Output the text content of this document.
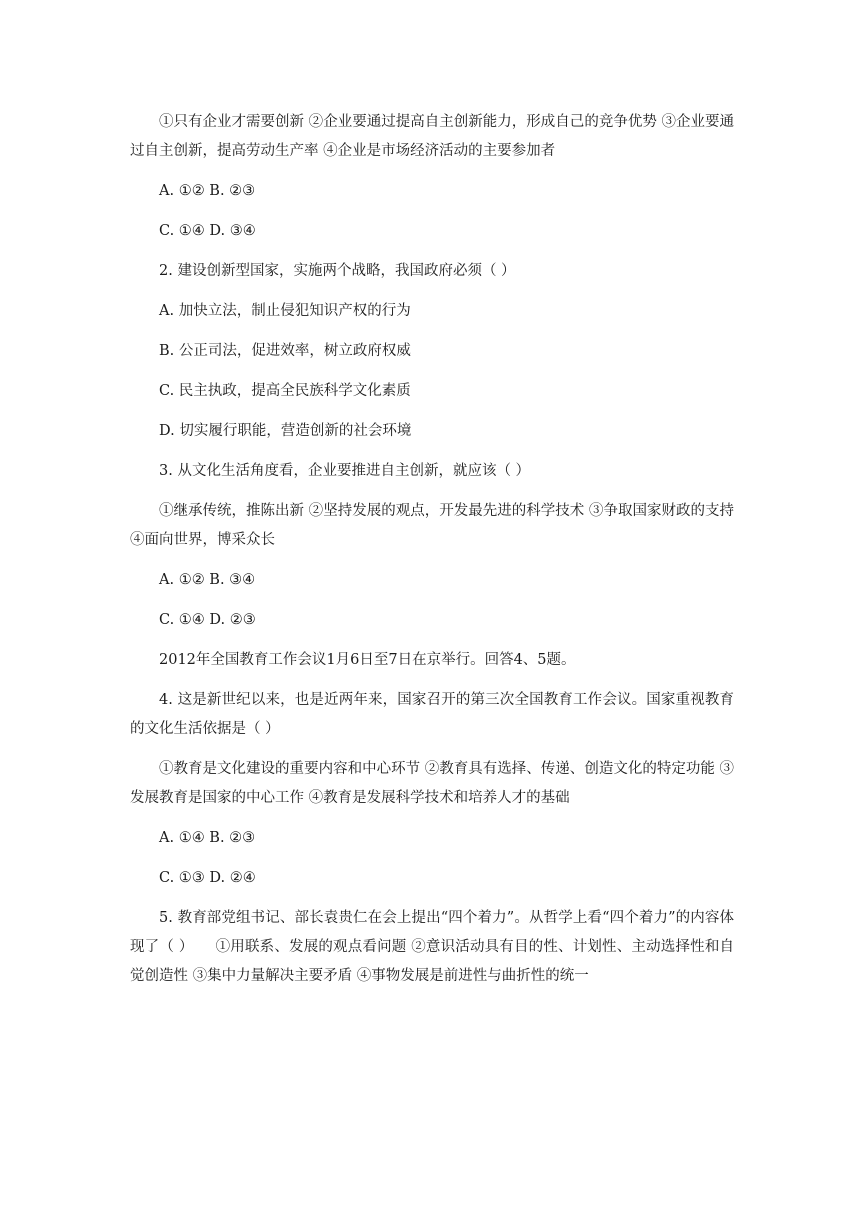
①只有企业才需要创新 ②企业要通过提高自主创新能力，形成自己的竞争优势 ③企业要通过自主创新，提高劳动生产率 ④企业是市场经济活动的主要参加者

A. ①② B. ②③

C. ①④ D. ③④

2. 建设创新型国家，实施两个战略，我国政府必须（ ）

A. 加快立法，制止侵犯知识产权的行为

B. 公正司法，促进效率，树立政府权威

C. 民主执政，提高全民族科学文化素质

D. 切实履行职能，营造创新的社会环境

3. 从文化生活角度看，企业要推进自主创新，就应该（ ）

①继承传统，推陈出新 ②坚持发展的观点，开发最先进的科学技术 ③争取国家财政的支持 ④面向世界，博采众长

A. ①② B. ③④

C. ①④ D. ②③

2012年全国教育工作会议1月6日至7日在京举行。回答4、5题。

4. 这是新世纪以来，也是近两年来，国家召开的第三次全国教育工作会议。国家重视教育的文化生活依据是（ ）

①教育是文化建设的重要内容和中心环节 ②教育具有选择、传递、创造文化的特定功能 ③发展教育是国家的中心工作 ④教育是发展科学技术和培养人才的基础

A. ①④ B. ②③

C. ①③ D. ②④

5. 教育部党组书记、部长袁贵仁在会上提出“四个着力”。从哲学上看“四个着力”的内容体现了（ ）　　①用联系、发展的观点看问题 ②意识活动具有目的性、计划性、主动选择性和自觉创造性 ③集中力量解决主要矛盾 ④事物发展是前进性与曲折性的统一
